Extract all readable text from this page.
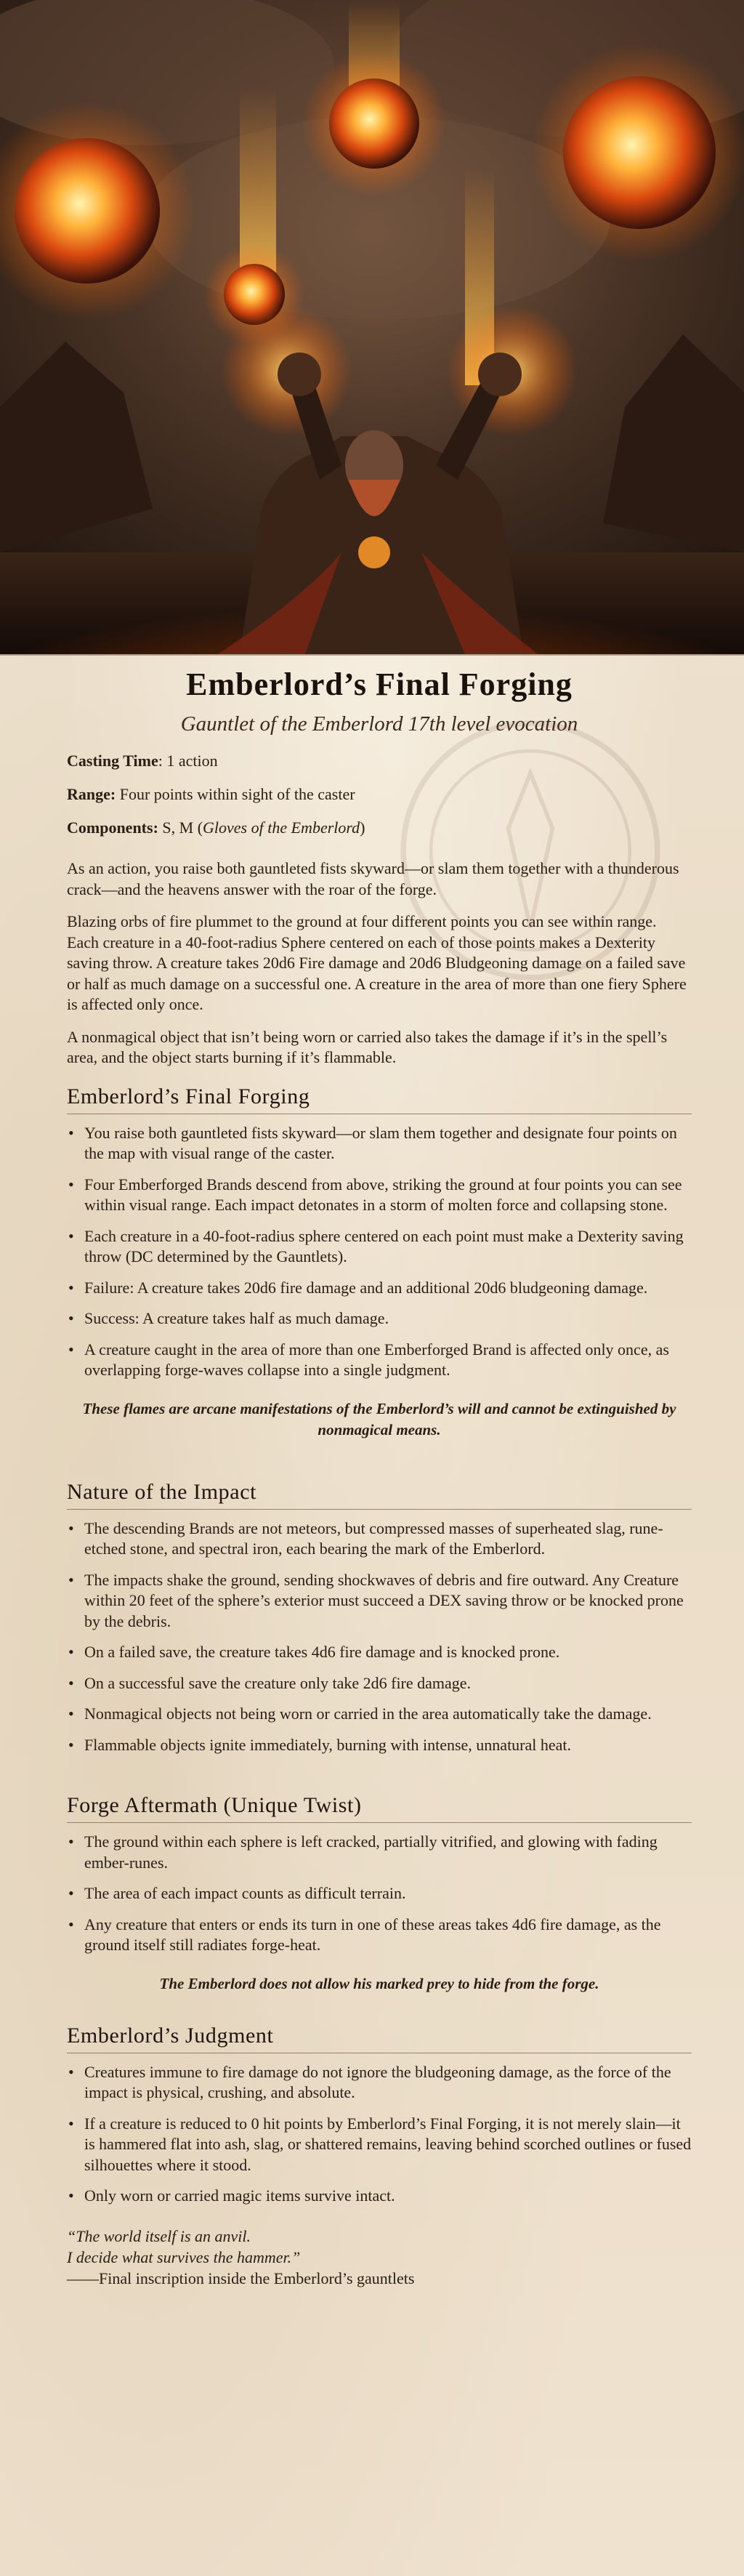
Emberlord’s Final Forging
Gauntlet of the Emberlord 17th level evocation
Casting Time: 1 action
Range: Four points within sight of the caster
Components: S, M (Gloves of the Emberlord)

As an action, you raise both gauntleted fists skyward—or slam them together with a thunderous crack—and the heavens answer with the roar of the forge.

Blazing orbs of fire plummet to the ground at four different points you can see within range. Each creature in a 40-foot-radius Sphere centered on each of those points makes a Dexterity saving throw. A creature takes 20d6 Fire damage and 20d6 Bludgeoning damage on a failed save or half as much damage on a successful one. A creature in the area of more than one fiery Sphere is affected only once.

A nonmagical object that isn’t being worn or carried also takes the damage if it’s in the spell’s area, and the object starts burning if it’s flammable.

Emberlord’s Final Forging
• You raise both gauntleted fists skyward—or slam them together and designate four points on the map with visual range of the caster.
• Four Emberforged Brands descend from above, striking the ground at four points you can see within visual range. Each impact detonates in a storm of molten force and collapsing stone.
• Each creature in a 40-foot-radius sphere centered on each point must make a Dexterity saving throw (DC determined by the Gauntlets).
• Failure: A creature takes 20d6 fire damage and an additional 20d6 bludgeoning damage.
• Success: A creature takes half as much damage.
• A creature caught in the area of more than one Emberforged Brand is affected only once, as overlapping forge-waves collapse into a single judgment.
These flames are arcane manifestations of the Emberlord’s will and cannot be extinguished by nonmagical means.
Nature of the Impact
• The descending Brands are not meteors, but compressed masses of superheated slag, rune-etched stone, and spectral iron, each bearing the mark of the Emberlord.
• The impacts shake the ground, sending shockwaves of debris and fire outward. Any Creature within 20 feet of the sphere’s exterior must succeed a DEX saving throw or be knocked prone by the debris.
• On a failed save, the creature takes 4d6 fire damage and is knocked prone.
• On a successful save the creature only take 2d6 fire damage.
• Nonmagical objects not being worn or carried in the area automatically take the damage.
• Flammable objects ignite immediately, burning with intense, unnatural heat.
Forge Aftermath (Unique Twist)
• The ground within each sphere is left cracked, partially vitrified, and glowing with fading ember-runes.
• The area of each impact counts as difficult terrain.
• Any creature that enters or ends its turn in one of these areas takes 4d6 fire damage, as the ground itself still radiates forge-heat.
The Emberlord does not allow his marked prey to hide from the forge.
Emberlord’s Judgment
• Creatures immune to fire damage do not ignore the bludgeoning damage, as the force of the impact is physical, crushing, and absolute.
• If a creature is reduced to 0 hit points by Emberlord’s Final Forging, it is not merely slain—it is hammered flat into ash, slag, or shattered remains, leaving behind scorched outlines or fused silhouettes where it stood.
• Only worn or carried magic items survive intact.
“The world itself is an anvil.
I decide what survives the hammer.”
——Final inscription inside the Emberlord’s gauntlets
